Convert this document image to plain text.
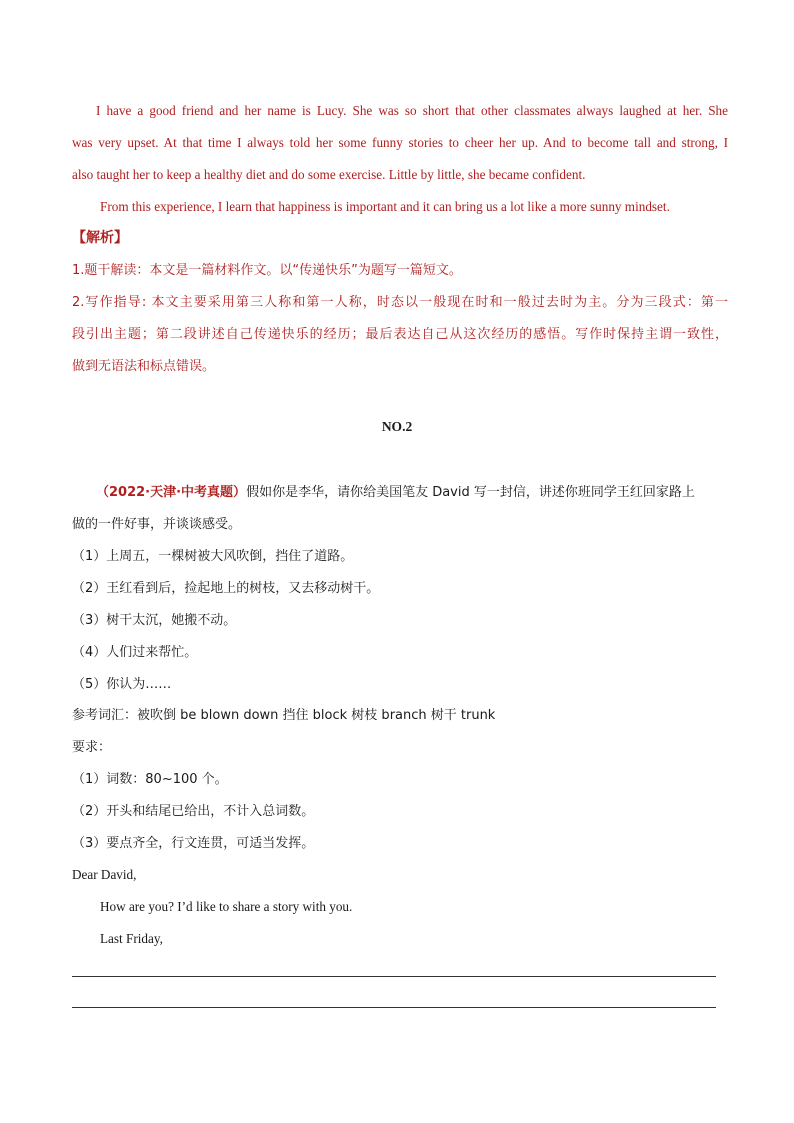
I have a good friend and her name is Lucy. She was so short that other classmates always laughed at her. She
was very upset. At that time I always told her some funny stories to cheer her up. And to become tall and strong, I
also taught her to keep a healthy diet and do some exercise. Little by little, she became confident.
From this experience, I learn that happiness is important and it can bring us a lot like a more sunny mindset.
【解析】
1.题干解读：本文是一篇材料作文。以“传递快乐”为题写一篇短文。
2.写作指导: 本文主要采用第三人称和第一人称，时态以一般现在时和一般过去时为主。分为三段式：第一
段引出主题；第二段讲述自己传递快乐的经历；最后表达自己从这次经历的感悟。写作时保持主谓一致性，
做到无语法和标点错误。
NO.2
（2022·天津·中考真题）假如你是李华，请你给美国笔友 David 写一封信，讲述你班同学王红回家路上
做的一件好事，并谈谈感受。
（1）上周五，一棵树被大风吹倒，挡住了道路。
（2）王红看到后，捡起地上的树枝，又去移动树干。
（3）树干太沉，她搬不动。
（4）人们过来帮忙。
（5）你认为……
参考词汇：被吹倒 be blown down 挡住 block 树枝 branch 树干 trunk
要求：
（1）词数：80~100 个。
（2）开头和结尾已给出，不计入总词数。
（3）要点齐全，行文连贯，可适当发挥。
Dear David,
How are you? I’d like to share a story with you.
Last Friday,
